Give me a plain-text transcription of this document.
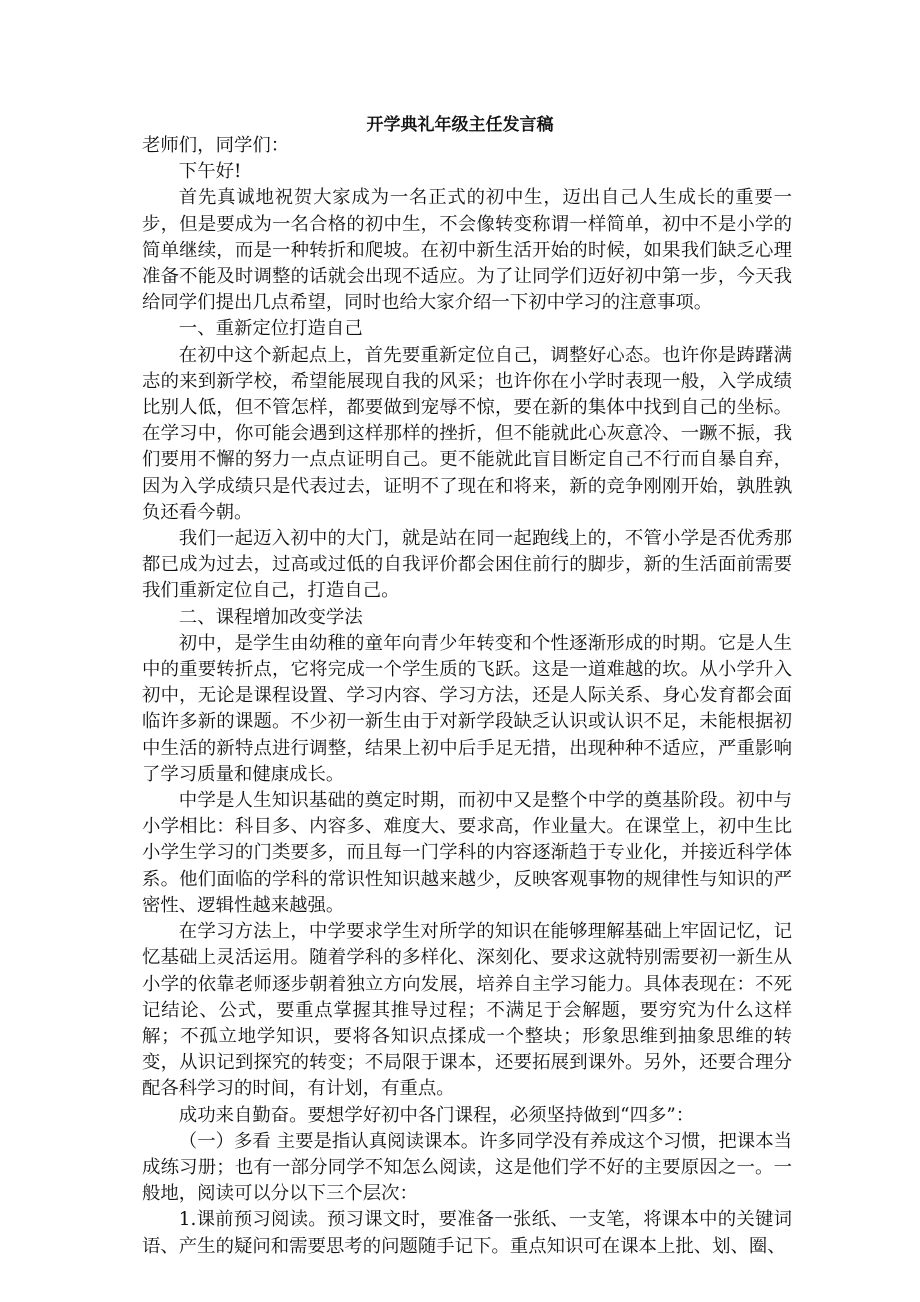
开学典礼年级主任发言稿

老师们，同学们：

下午好!

首先真诚地祝贺大家成为一名正式的初中生，迈出自己人生成长的重要一步，但是要成为一名合格的初中生，不会像转变称谓一样简单，初中不是小学的简单继续，而是一种转折和爬坡。在初中新生活开始的时候，如果我们缺乏心理准备不能及时调整的话就会出现不适应。为了让同学们迈好初中第一步，今天我给同学们提出几点希望，同时也给大家介绍一下初中学习的注意事项。

一、重新定位打造自己

在初中这个新起点上，首先要重新定位自己，调整好心态。也许你是踌躇满志的来到新学校，希望能展现自我的风采；也许你在小学时表现一般，入学成绩比别人低，但不管怎样，都要做到宠辱不惊，要在新的集体中找到自己的坐标。在学习中，你可能会遇到这样那样的挫折，但不能就此心灰意冷、一蹶不振，我们要用不懈的努力一点点证明自己。更不能就此盲目断定自己不行而自暴自弃，因为入学成绩只是代表过去，证明不了现在和将来，新的竞争刚刚开始，孰胜孰负还看今朝。

我们一起迈入初中的大门，就是站在同一起跑线上的，不管小学是否优秀那都已成为过去，过高或过低的自我评价都会困住前行的脚步，新的生活面前需要我们重新定位自己，打造自己。

二、课程增加改变学法

初中，是学生由幼稚的童年向青少年转变和个性逐渐形成的时期。它是人生中的重要转折点，它将完成一个学生质的飞跃。这是一道难越的坎。从小学升入初中，无论是课程设置、学习内容、学习方法，还是人际关系、身心发育都会面临许多新的课题。不少初一新生由于对新学段缺乏认识或认识不足，未能根据初中生活的新特点进行调整，结果上初中后手足无措，出现种种不适应，严重影响了学习质量和健康成长。

中学是人生知识基础的奠定时期，而初中又是整个中学的奠基阶段。初中与小学相比：科目多、内容多、难度大、要求高，作业量大。在课堂上，初中生比小学生学习的门类要多，而且每一门学科的内容逐渐趋于专业化，并接近科学体系。他们面临的学科的常识性知识越来越少，反映客观事物的规律性与知识的严密性、逻辑性越来越强。

在学习方法上，中学要求学生对所学的知识在能够理解基础上牢固记忆，记忆基础上灵活运用。随着学科的多样化、深刻化、要求这就特别需要初一新生从小学的依靠老师逐步朝着独立方向发展，培养自主学习能力。具体表现在：不死记结论、公式，要重点掌握其推导过程；不满足于会解题，要穷究为什么这样解；不孤立地学知识，要将各知识点揉成一个整块；形象思维到抽象思维的转变，从识记到探究的转变；不局限于课本，还要拓展到课外。另外，还要合理分配各科学习的时间，有计划，有重点。

成功来自勤奋。要想学好初中各门课程，必须坚持做到“四多”：

（一）多看 主要是指认真阅读课本。许多同学没有养成这个习惯，把课本当成练习册；也有一部分同学不知怎么阅读，这是他们学不好的主要原因之一。一般地，阅读可以分以下三个层次：

1.课前预习阅读。预习课文时，要准备一张纸、一支笔，将课本中的关键词语、产生的疑问和需要思考的问题随手记下。重点知识可在课本上批、划、圈、
